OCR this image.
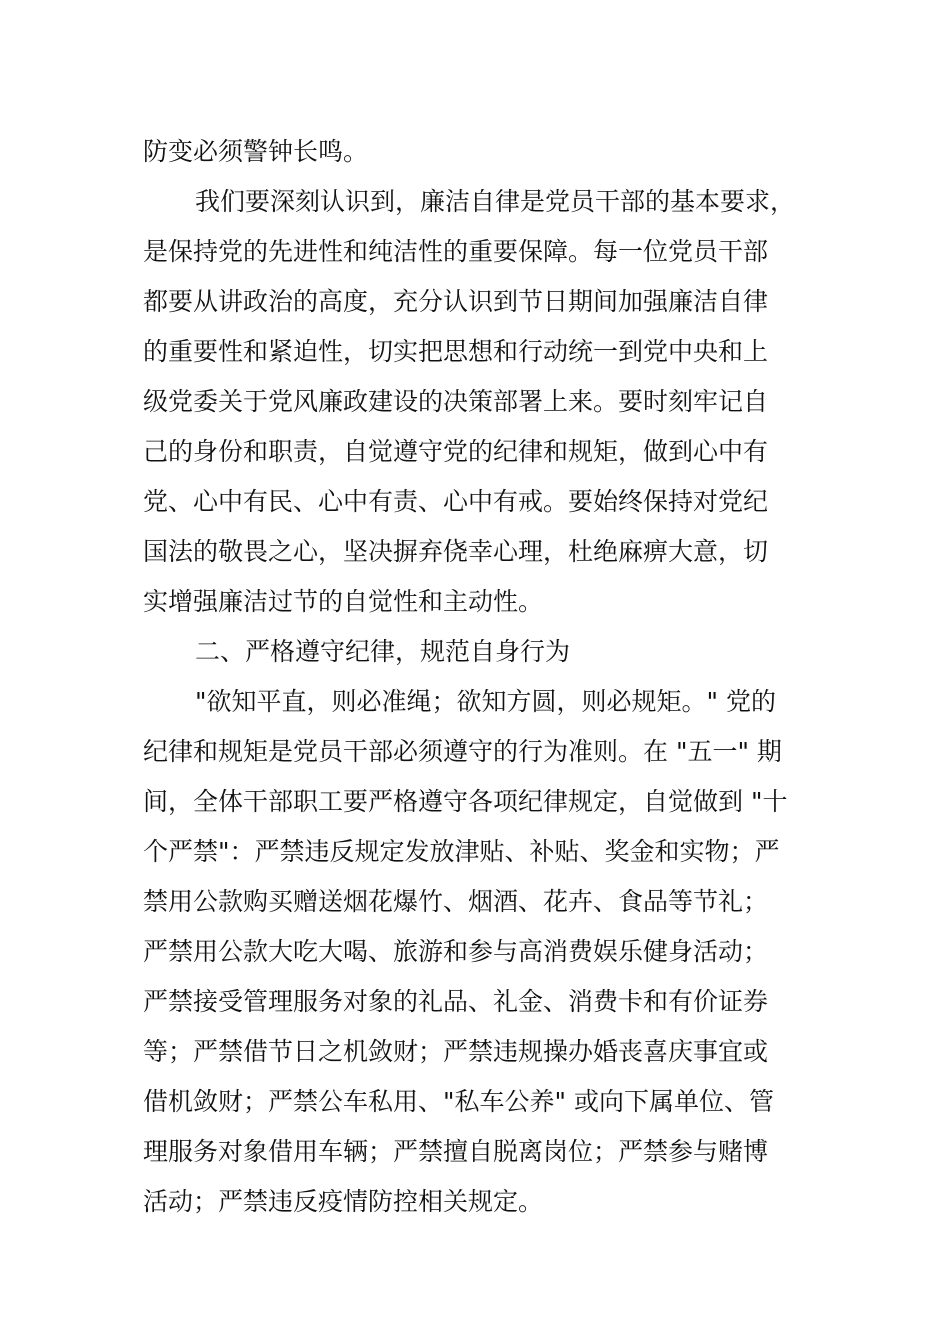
防变必须警钟长鸣。
我们要深刻认识到，廉洁自律是党员干部的基本要求，
是保持党的先进性和纯洁性的重要保障。每一位党员干部
都要从讲政治的高度，充分认识到节日期间加强廉洁自律
的重要性和紧迫性，切实把思想和行动统一到党中央和上
级党委关于党风廉政建设的决策部署上来。要时刻牢记自
己的身份和职责，自觉遵守党的纪律和规矩，做到心中有
党、心中有民、心中有责、心中有戒。要始终保持对党纪
国法的敬畏之心，坚决摒弃侥幸心理，杜绝麻痹大意，切
实增强廉洁过节的自觉性和主动性。
二、严格遵守纪律，规范自身行为
"欲知平直，则必准绳；欲知方圆，则必规矩。" 党的
纪律和规矩是党员干部必须遵守的行为准则。在 "五一" 期
间，全体干部职工要严格遵守各项纪律规定，自觉做到 "十
个严禁"：严禁违反规定发放津贴、补贴、奖金和实物；严
禁用公款购买赠送烟花爆竹、烟酒、花卉、食品等节礼；
严禁用公款大吃大喝、旅游和参与高消费娱乐健身活动；
严禁接受管理服务对象的礼品、礼金、消费卡和有价证券
等；严禁借节日之机敛财；严禁违规操办婚丧喜庆事宜或
借机敛财；严禁公车私用、"私车公养" 或向下属单位、管
理服务对象借用车辆；严禁擅自脱离岗位；严禁参与赌博
活动；严禁违反疫情防控相关规定。
